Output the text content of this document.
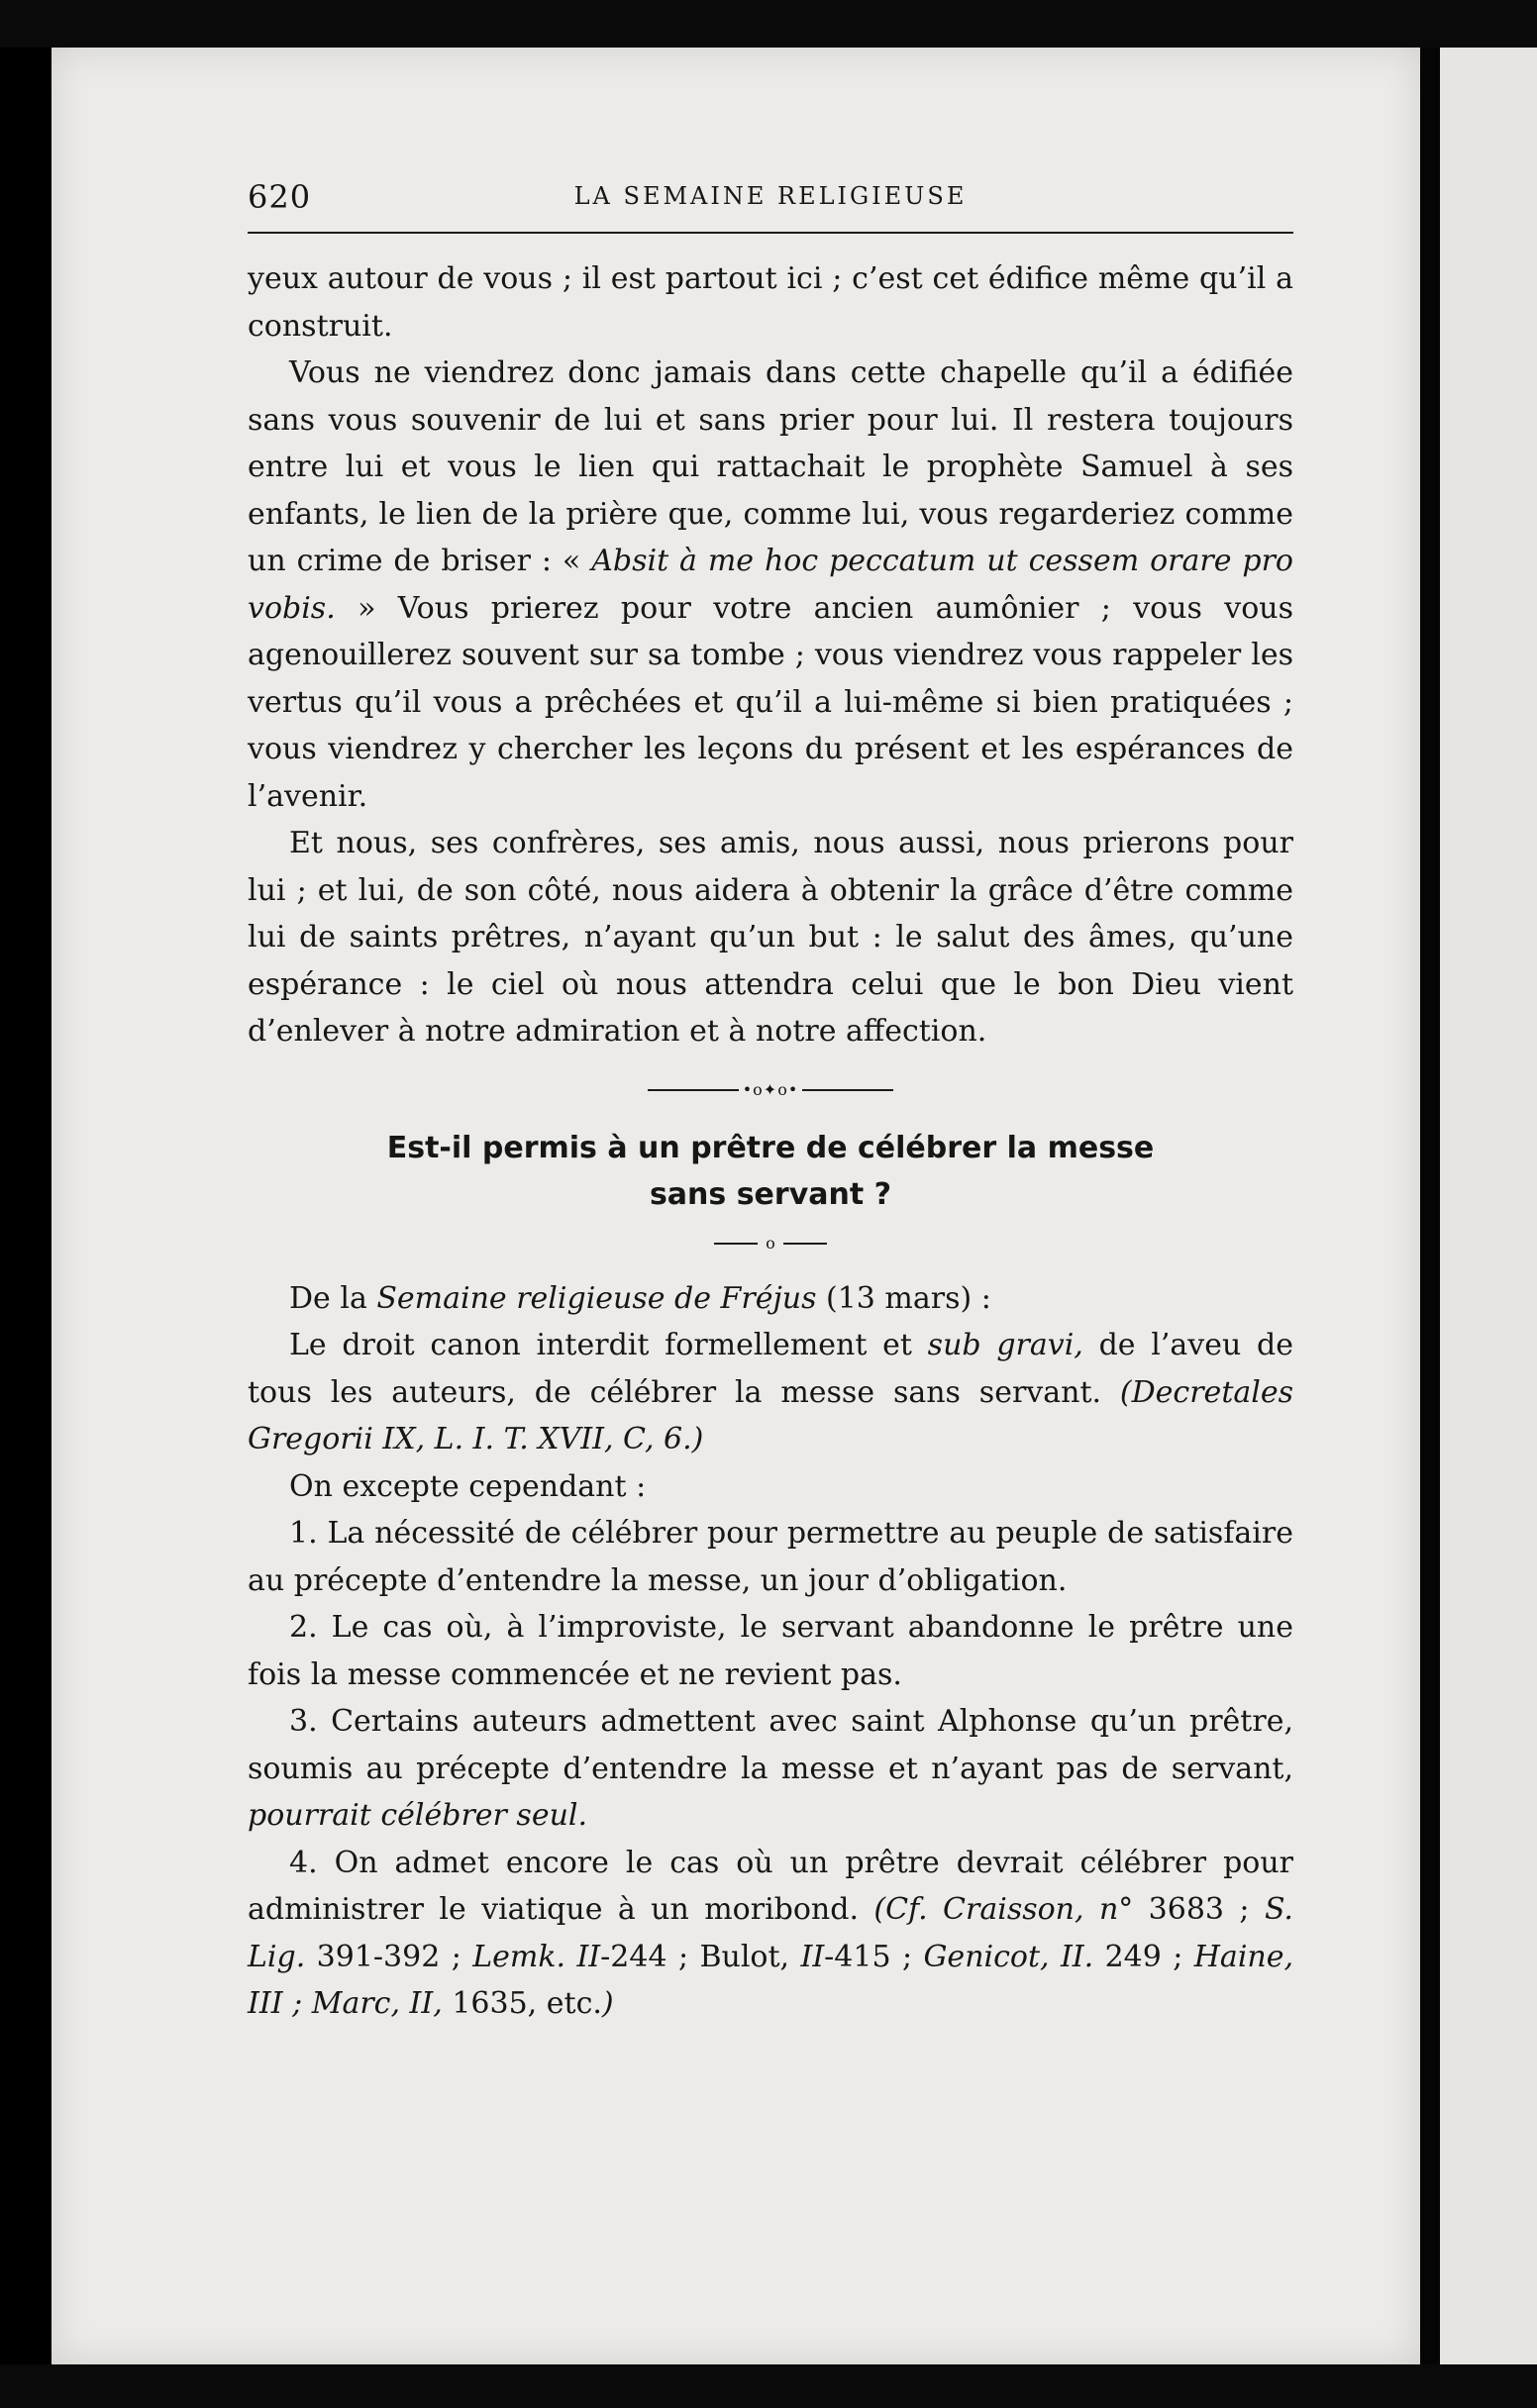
620	LA SEMAINE RELIGIEUSE

yeux autour de vous ; il est partout ici ; c’est cet édifice même qu’il a construit.

Vous ne viendrez donc jamais dans cette chapelle qu’il a édifiée sans vous souvenir de lui et sans prier pour lui. Il restera toujours entre lui et vous le lien qui rattachait le prophète Samuel à ses enfants, le lien de la prière que, comme lui, vous regarderiez comme un crime de briser : « Absit à me hoc peccatum ut cessem orare pro vobis. » Vous prierez pour votre ancien aumônier ; vous vous agenouillerez souvent sur sa tombe ; vous viendrez vous rappeler les vertus qu’il vous a prêchées et qu’il a lui-même si bien pratiquées ; vous viendrez y chercher les leçons du présent et les espérances de l’avenir.

Et nous, ses confrères, ses amis, nous aussi, nous prierons pour lui ; et lui, de son côté, nous aidera à obtenir la grâce d’être comme lui de saints prêtres, n’ayant qu’un but : le salut des âmes, qu’une espérance : le ciel où nous attendra celui que le bon Dieu vient d’enlever à notre admiration et à notre affection.

•o✦o•
Est-il permis à un prêtre de célébrer la messe
sans servant ?
o

De la Semaine religieuse de Fréjus (13 mars) :

Le droit canon interdit formellement et sub gravi, de l’aveu de tous les auteurs, de célébrer la messe sans servant. (Decretales Gregorii IX, L. I. T. XVII, C, 6.)

On excepte cependant :

1. La nécessité de célébrer pour permettre au peuple de satisfaire au précepte d’entendre la messe, un jour d’obligation.

2. Le cas où, à l’improviste, le servant abandonne le prêtre une fois la messe commencée et ne revient pas.

3. Certains auteurs admettent avec saint Alphonse qu’un prêtre, soumis au précepte d’entendre la messe et n’ayant pas de servant, pourrait célébrer seul.

4. On admet encore le cas où un prêtre devrait célébrer pour administrer le viatique à un moribond. (Cf. Craisson, n° 3683 ; S. Lig. 391-392 ; Lemk. II-244 ; Bulot, II-415 ; Genicot, II. 249 ; Haine, III ; Marc, II, 1635, etc.)
